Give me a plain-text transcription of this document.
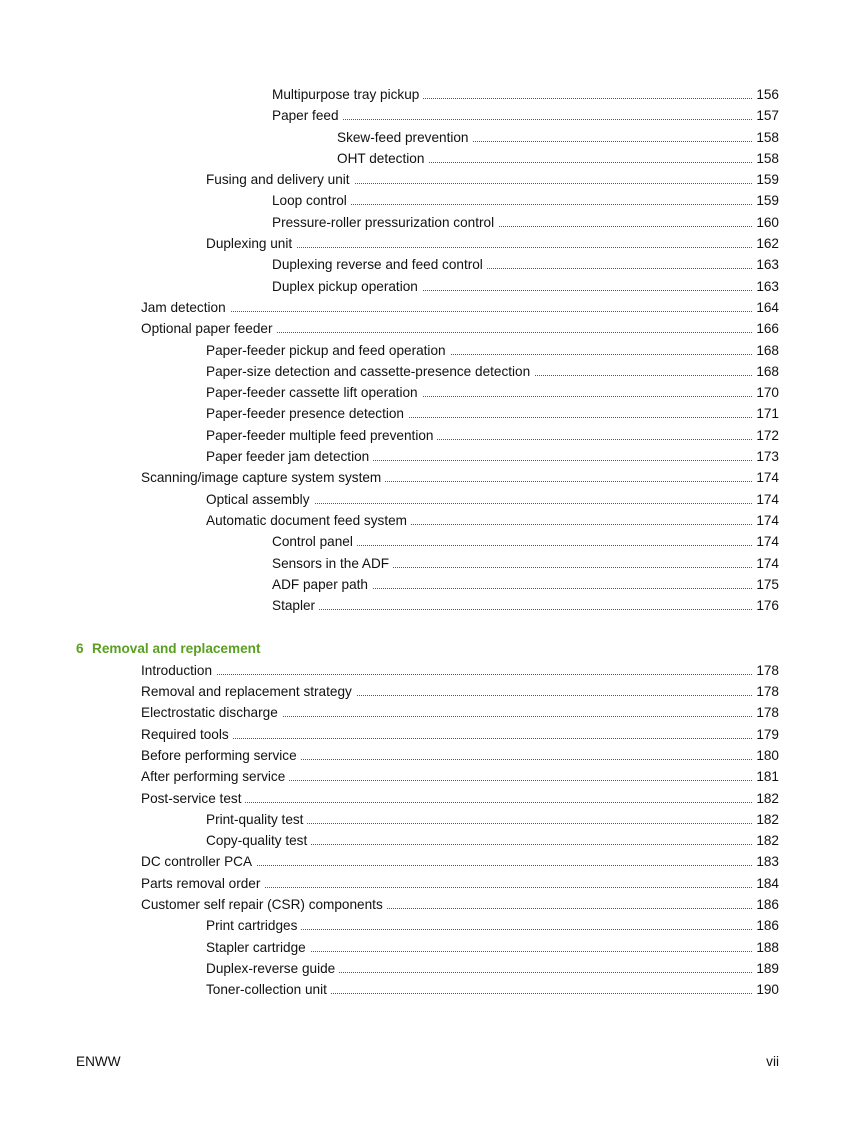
Multipurpose tray pickup	156
Paper feed	157
Skew-feed prevention	158
OHT detection	158
Fusing and delivery unit	159
Loop control	159
Pressure-roller pressurization control	160
Duplexing unit	162
Duplexing reverse and feed control	163
Duplex pickup operation	163
Jam detection	164
Optional paper feeder	166
Paper-feeder pickup and feed operation	168
Paper-size detection and cassette-presence detection	168
Paper-feeder cassette lift operation	170
Paper-feeder presence detection	171
Paper-feeder multiple feed prevention	172
Paper feeder jam detection	173
Scanning/image capture system system	174
Optical assembly	174
Automatic document feed system	174
Control panel	174
Sensors in the ADF	174
ADF paper path	175
Stapler	176
6 Removal and replacement
Introduction	178
Removal and replacement strategy	178
Electrostatic discharge	178
Required tools	179
Before performing service	180
After performing service	181
Post-service test	182
Print-quality test	182
Copy-quality test	182
DC controller PCA	183
Parts removal order	184
Customer self repair (CSR) components	186
Print cartridges	186
Stapler cartridge	188
Duplex-reverse guide	189
Toner-collection unit	190
ENWW	vii
